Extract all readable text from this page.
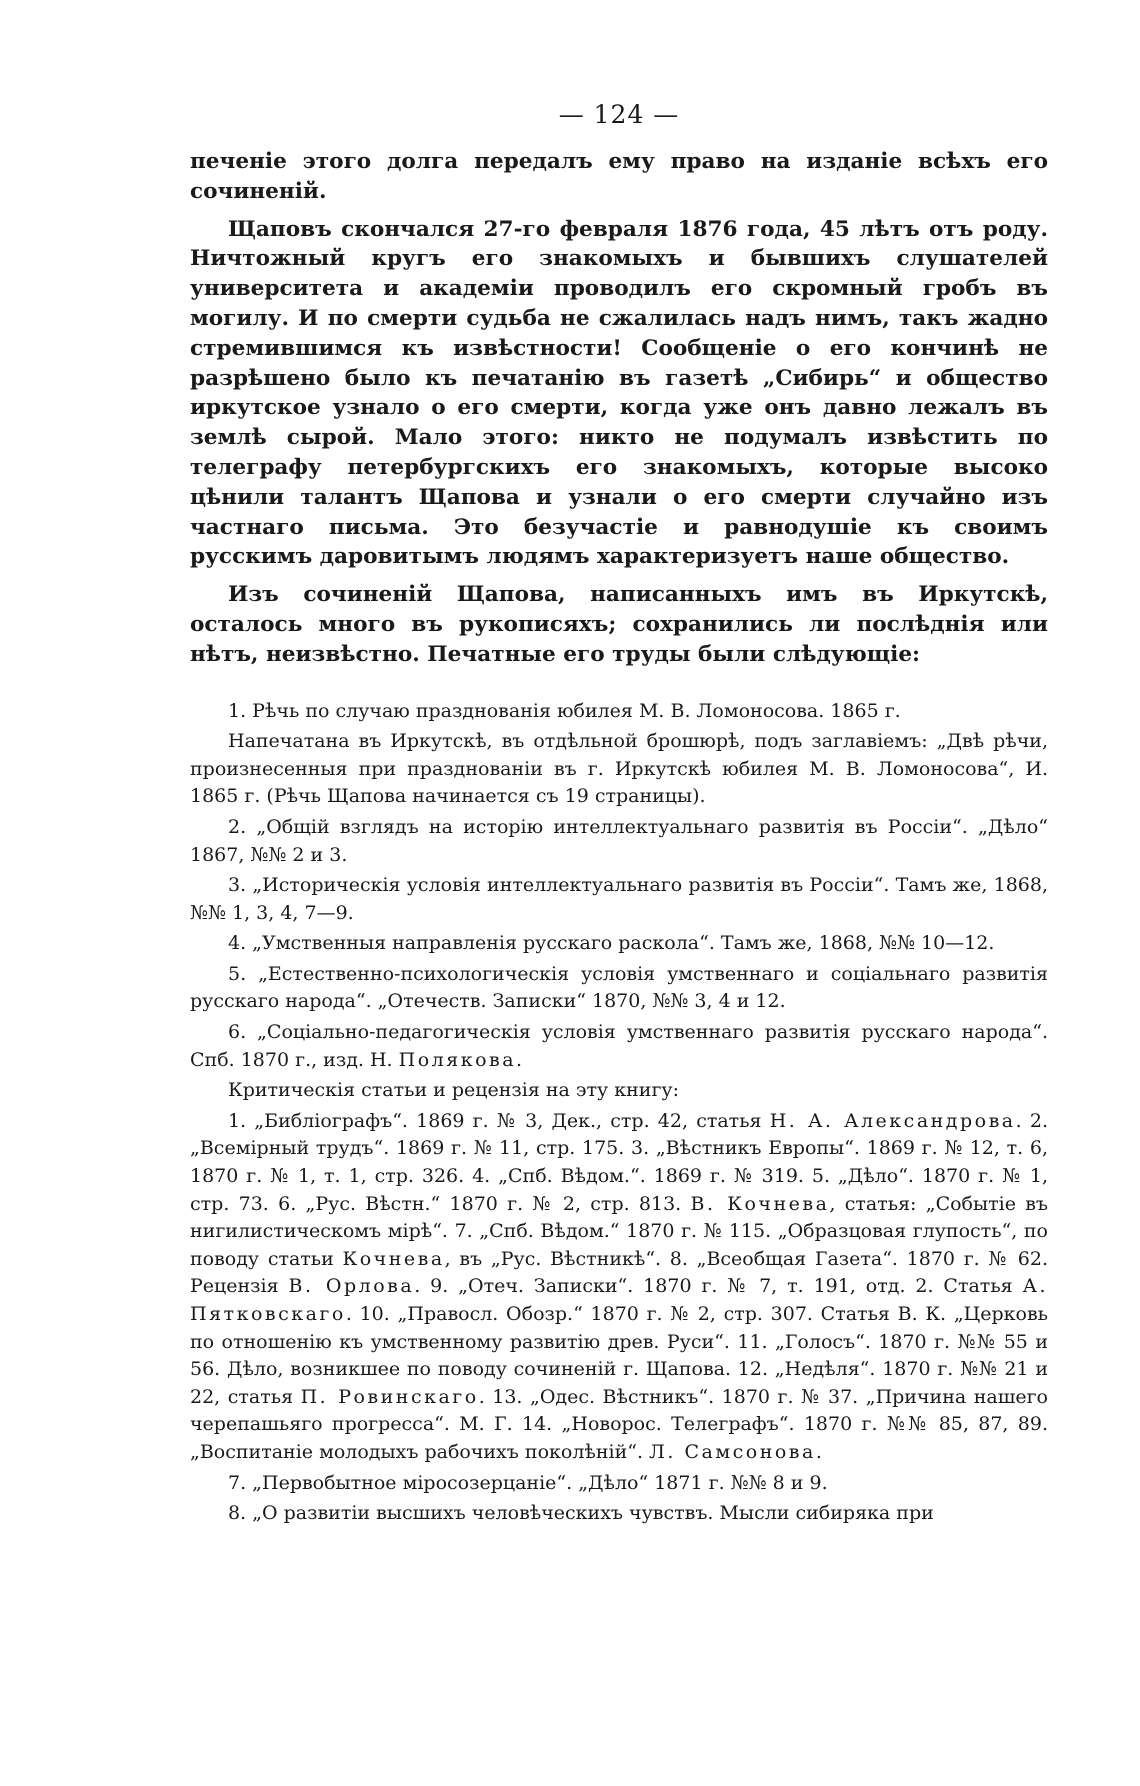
— 124 —

печеніе этого долга передалъ ему право на изданіе всѣхъ его сочиненій.

Щаповъ скончался 27-го февраля 1876 года, 45 лѣтъ отъ роду. Ничтожный кругъ его знакомыхъ и бывшихъ слушателей университета и академіи проводилъ его скромный гробъ въ могилу. И по смерти судьба не сжалилась надъ нимъ, такъ жадно стремившимся къ извѣстности! Сообщеніе о его кончинѣ не разрѣшено было къ печатанію въ газетѣ „Сибирь“ и общество иркутское узнало о его смерти, когда уже онъ давно лежалъ въ землѣ сырой. Мало этого: никто не подумалъ извѣстить по телеграфу петербургскихъ его знакомыхъ, которые высоко цѣнили талантъ Щапова и узнали о его смерти случайно изъ частнаго письма. Это безучастіе и равнодушіе къ своимъ русскимъ даровитымъ людямъ характеризуетъ наше общество.

Изъ сочиненій Щапова, написанныхъ имъ въ Иркутскѣ, осталось много въ рукописяхъ; сохранились ли послѣднія или нѣтъ, неизвѣстно. Печатные его труды были слѣдующіе:

1. Рѣчь по случаю празднованія юбилея М. В. Ломоносова. 1865 г.

Напечатана въ Иркутскѣ, въ отдѣльной брошюрѣ, подъ заглавіемъ: „Двѣ рѣчи, произнесенныя при празднованіи въ г. Иркутскѣ юбилея М. В. Ломоносова“, И. 1865 г. (Рѣчь Щапова начинается съ 19 страницы).

2. „Общій взглядъ на исторію интеллектуальнаго развитія въ Россіи“. „Дѣло“ 1867, №№ 2 и 3.

3. „Историческія условія интеллектуальнаго развитія въ Россіи“. Тамъ же, 1868, №№ 1, 3, 4, 7—9.

4. „Умственныя направленія русскаго раскола“. Тамъ же, 1868, №№ 10—12.

5. „Естественно-психологическія условія умственнаго и соціальнаго развитія русскаго народа“. „Отечеств. Записки“ 1870, №№ 3, 4 и 12.

6. „Соціально-педагогическія условія умственнаго развитія русскаго народа“. Спб. 1870 г., изд. Н. Полякова.

Критическія статьи и рецензія на эту книгу:

1. „Библіографъ“. 1869 г. № 3, Дек., стр. 42, статья Н. А. Александрова. 2. „Всемірный трудъ“. 1869 г. № 11, стр. 175. 3. „Вѣстникъ Европы“. 1869 г. № 12, т. 6, 1870 г. № 1, т. 1, стр. 326. 4. „Спб. Вѣдом.“. 1869 г. № 319. 5. „Дѣло“. 1870 г. № 1, стр. 73. 6. „Рус. Вѣстн.“ 1870 г. № 2, стр. 813. В. Кочнева, статья: „Событіе въ нигилистическомъ мірѣ“. 7. „Спб. Вѣдом.“ 1870 г. № 115. „Образцовая глупость“, по поводу статьи Кочнева, въ „Рус. Вѣстникѣ“. 8. „Всеобщая Газета“. 1870 г. № 62. Рецензія В. Орлова. 9. „Отеч. Записки“. 1870 г. № 7, т. 191, отд. 2. Статья А. Пятковскаго. 10. „Правосл. Обозр.“ 1870 г. № 2, стр. 307. Статья В. К. „Церковь по отношенію къ умственному развитію древ. Руси“. 11. „Голосъ“. 1870 г. №№ 55 и 56. Дѣло, возникшее по поводу сочиненій г. Щапова. 12. „Недѣля“. 1870 г. №№ 21 и 22, статья П. Ровинскаго. 13. „Одес. Вѣстникъ“. 1870 г. № 37. „Причина нашего черепашьяго прогресса“. М. Г. 14. „Новорос. Телеграфъ“. 1870 г. №№ 85, 87, 89. „Воспитаніе молодыхъ рабочихъ поколѣній“. Л. Самсонова.

7. „Первобытное міросозерцаніе“. „Дѣло“ 1871 г. №№ 8 и 9.

8. „О развитіи высшихъ человѣческихъ чувствъ. Мысли сибиряка при
